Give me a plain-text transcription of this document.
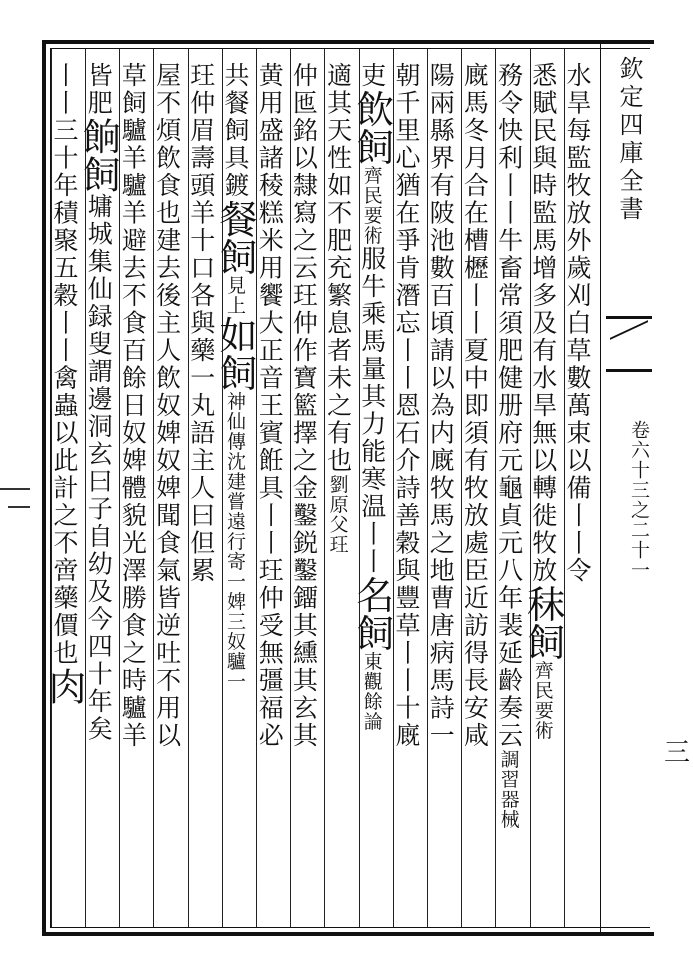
水旱每監牧放外歲刈白草數萬束以備丨丨令
悉賦民與時監馬增多及有水旱無以轉徙牧放秣飼齊民要術
務令快利丨丨牛畜常須肥健册府元龜貞元八年裴延齡奏云調習器械
廐馬冬月合在槽櫪丨丨夏中即須有牧放處臣近訪得長安咸
陽兩縣界有陂池數百頃請以為内廐牧馬之地曹唐病馬詩一
朝千里心猶在爭肯潛忘丨丨恩石介詩善穀與豐草丨丨十廐
吏飲飼齊民要術服牛乘馬量其力能寒温丨丨名飼東觀餘論
適其天性如不肥充繁息者未之有也劉原父玨
仲匜銘以隸寫之云玨仲作寶籃擇之金鑿鋭鑿鐂其纁其玄其
黄用盛諸稜糕米用饗大正音王賓餁具丨丨玨仲受無彊福必
共餐飼具鍍餐飼見上如飼神仙傳沈建嘗遠行寄一婢三奴驢一
玨仲眉壽頭羊十口各與藥一丸語主人曰但累
屋不煩飲食也建去後主人飲奴婢奴婢聞食氣皆逆吐不用以
草飼驢羊驢羊避去不食百餘日奴婢體貌光澤勝食之時驢羊
皆肥餉飼墉城集仙録叟謂邊洞玄曰子自幼及今四十年矣
丨丨三十年積聚五穀丨丨禽蟲以此計之不啻藥價也肉
欽定四庫全書
卷六十三之二十一
三
